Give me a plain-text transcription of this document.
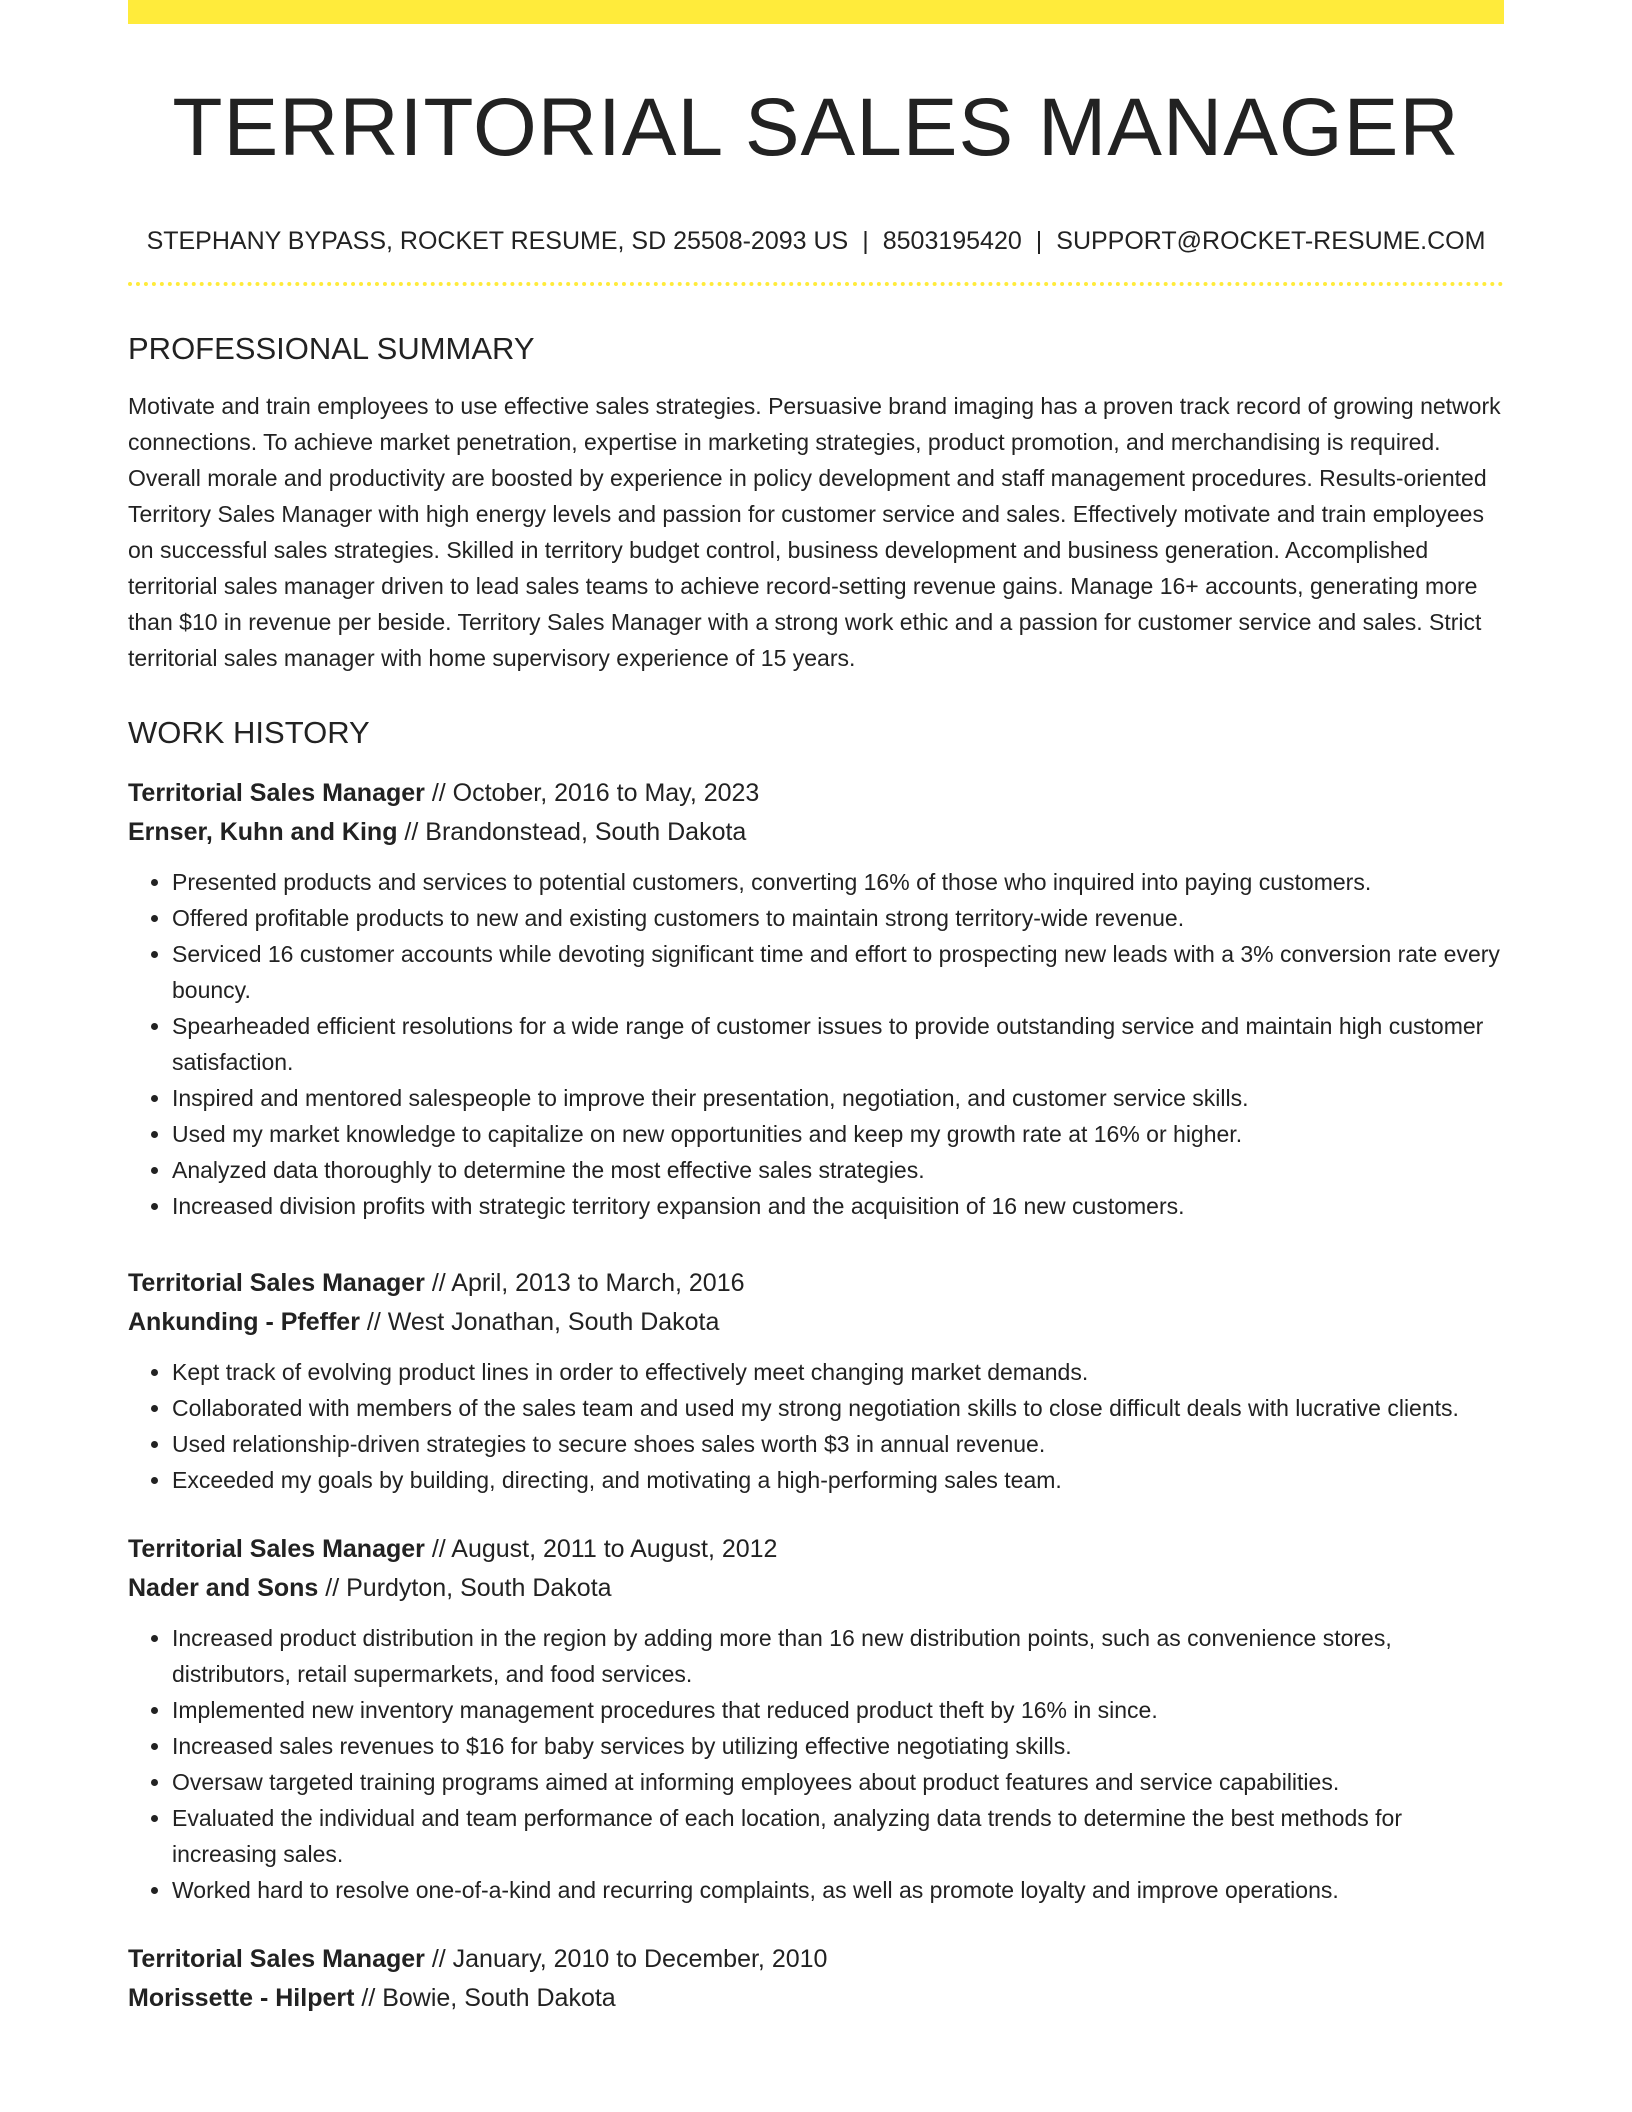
TERRITORIAL SALES MANAGER
STEPHANY BYPASS, ROCKET RESUME, SD 25508-2093 US | 8503195420 | SUPPORT@ROCKET-RESUME.COM
PROFESSIONAL SUMMARY

Motivate and train employees to use effective sales strategies. Persuasive brand imaging has a proven track record of growing network connections. To achieve market penetration, expertise in marketing strategies, product promotion, and merchandising is required. Overall morale and productivity are boosted by experience in policy development and staff management procedures. Results-oriented Territory Sales Manager with high energy levels and passion for customer service and sales. Effectively motivate and train employees on successful sales strategies. Skilled in territory budget control, business development and business generation. Accomplished territorial sales manager driven to lead sales teams to achieve record-setting revenue gains. Manage 16+ accounts, generating more than $10 in revenue per beside. Territory Sales Manager with a strong work ethic and a passion for customer service and sales. Strict territorial sales manager with home supervisory experience of 15 years.

WORK HISTORY
Territorial Sales Manager // October, 2016 to May, 2023
Ernser, Kuhn and King // Brandonstead, South Dakota
• Presented products and services to potential customers, converting 16% of those who inquired into paying customers.
• Offered profitable products to new and existing customers to maintain strong territory-wide revenue.
• Serviced 16 customer accounts while devoting significant time and effort to prospecting new leads with a 3% conversion rate every bouncy.
• Spearheaded efficient resolutions for a wide range of customer issues to provide outstanding service and maintain high customer satisfaction.
• Inspired and mentored salespeople to improve their presentation, negotiation, and customer service skills.
• Used my market knowledge to capitalize on new opportunities and keep my growth rate at 16% or higher.
• Analyzed data thoroughly to determine the most effective sales strategies.
• Increased division profits with strategic territory expansion and the acquisition of 16 new customers.
Territorial Sales Manager // April, 2013 to March, 2016
Ankunding - Pfeffer // West Jonathan, South Dakota
• Kept track of evolving product lines in order to effectively meet changing market demands.
• Collaborated with members of the sales team and used my strong negotiation skills to close difficult deals with lucrative clients.
• Used relationship-driven strategies to secure shoes sales worth $3 in annual revenue.
• Exceeded my goals by building, directing, and motivating a high-performing sales team.
Territorial Sales Manager // August, 2011 to August, 2012
Nader and Sons // Purdyton, South Dakota
• Increased product distribution in the region by adding more than 16 new distribution points, such as convenience stores, distributors, retail supermarkets, and food services.
• Implemented new inventory management procedures that reduced product theft by 16% in since.
• Increased sales revenues to $16 for baby services by utilizing effective negotiating skills.
• Oversaw targeted training programs aimed at informing employees about product features and service capabilities.
• Evaluated the individual and team performance of each location, analyzing data trends to determine the best methods for increasing sales.
• Worked hard to resolve one-of-a-kind and recurring complaints, as well as promote loyalty and improve operations.
Territorial Sales Manager // January, 2010 to December, 2010
Morissette - Hilpert // Bowie, South Dakota
